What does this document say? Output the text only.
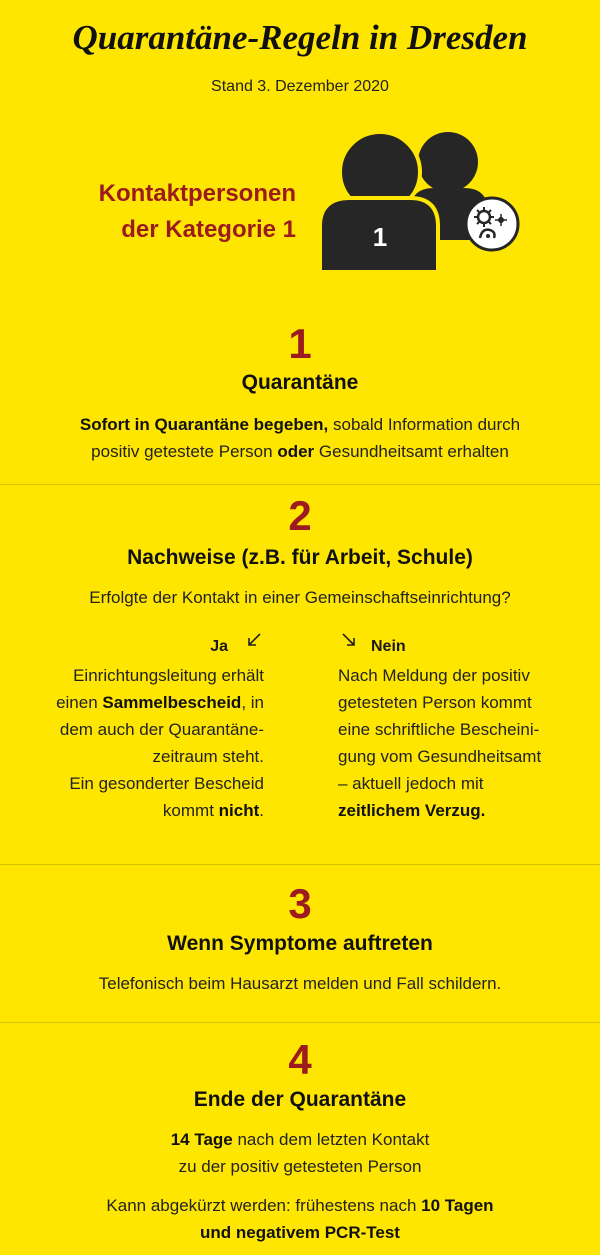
Quarantäne-Regeln in Dresden
Stand 3. Dezember 2020
Kontaktpersonen
der Kategorie 1	1
1
Quarantäne
Sofort in Quarantäne begeben, sobald Information durch
positiv getestete Person oder Gesundheitsamt erhalten
2
Nachweise (z.B. für Arbeit, Schule)
Erfolgte der Kontakt in einer Gemeinschaftseinrichtung?
Ja	Nein
Einrichtungsleitung erhält
einen Sammelbescheid, in
dem auch der Quarantäne-
zeitraum steht.
Ein gesonderter Bescheid
kommt nicht.
Nach Meldung der positiv
getesteten Person kommt
eine schriftliche Bescheini-
gung vom Gesundheitsamt
– aktuell jedoch mit
zeitlichem Verzug.
3
Wenn Symptome auftreten
Telefonisch beim Hausarzt melden und Fall schildern.
4
Ende der Quarantäne
14 Tage nach dem letzten Kontakt
zu der positiv getesteten Person
Kann abgekürzt werden: frühestens nach 10 Tagen
und negativem PCR-Test
